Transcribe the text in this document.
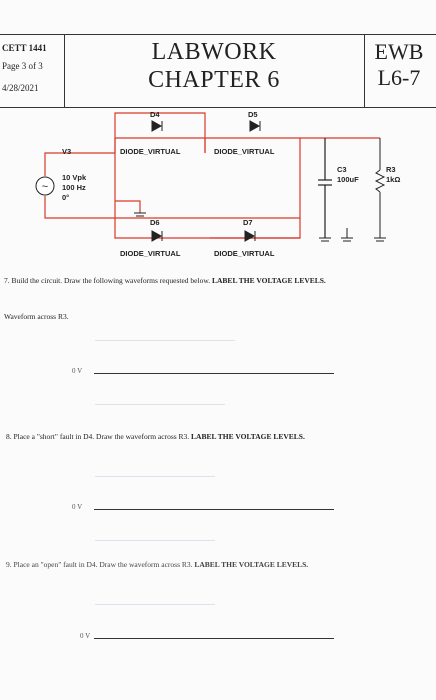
CETT 1441
Page 3 of 3
4/28/2021
LABWORK
CHAPTER 6
EWB
L6-7
~
D4	D5
DIODE_VIRTUAL	DIODE_VIRTUAL
V3
10 Vpk
100 Hz
0°
D6	D7
DIODE_VIRTUAL	DIODE_VIRTUAL
C3
100uF
R3
1kΩ
7. Build the circuit. Draw the following waveforms requested below. LABEL THE VOLTAGE LEVELS.
Waveform across R3.
0 V
8. Place a "short" fault in D4. Draw the waveform across R3. LABEL THE VOLTAGE LEVELS.
0 V
9. Place an "open" fault in D4. Draw the waveform across R3. LABEL THE VOLTAGE LEVELS.
0 V
